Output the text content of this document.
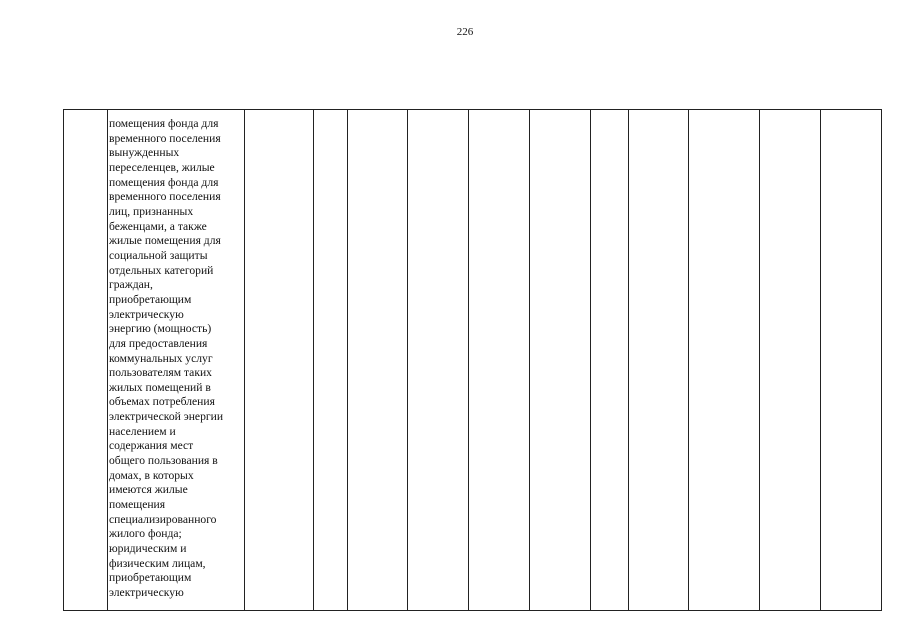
226
помещения фонда для
временного поселения
вынужденных
переселенцев, жилые
помещения фонда для
временного поселения
лиц, признанных
беженцами, а также
жилые помещения для
социальной защиты
отдельных категорий
граждан,
приобретающим
электрическую
энергию (мощность)
для предоставления
коммунальных услуг
пользователям таких
жилых помещений в
объемах потребления
электрической энергии
населением и
содержания мест
общего пользования в
домах, в которых
имеются жилые
помещения
специализированного
жилого фонда;
юридическим и
физическим лицам,
приобретающим
электрическую
